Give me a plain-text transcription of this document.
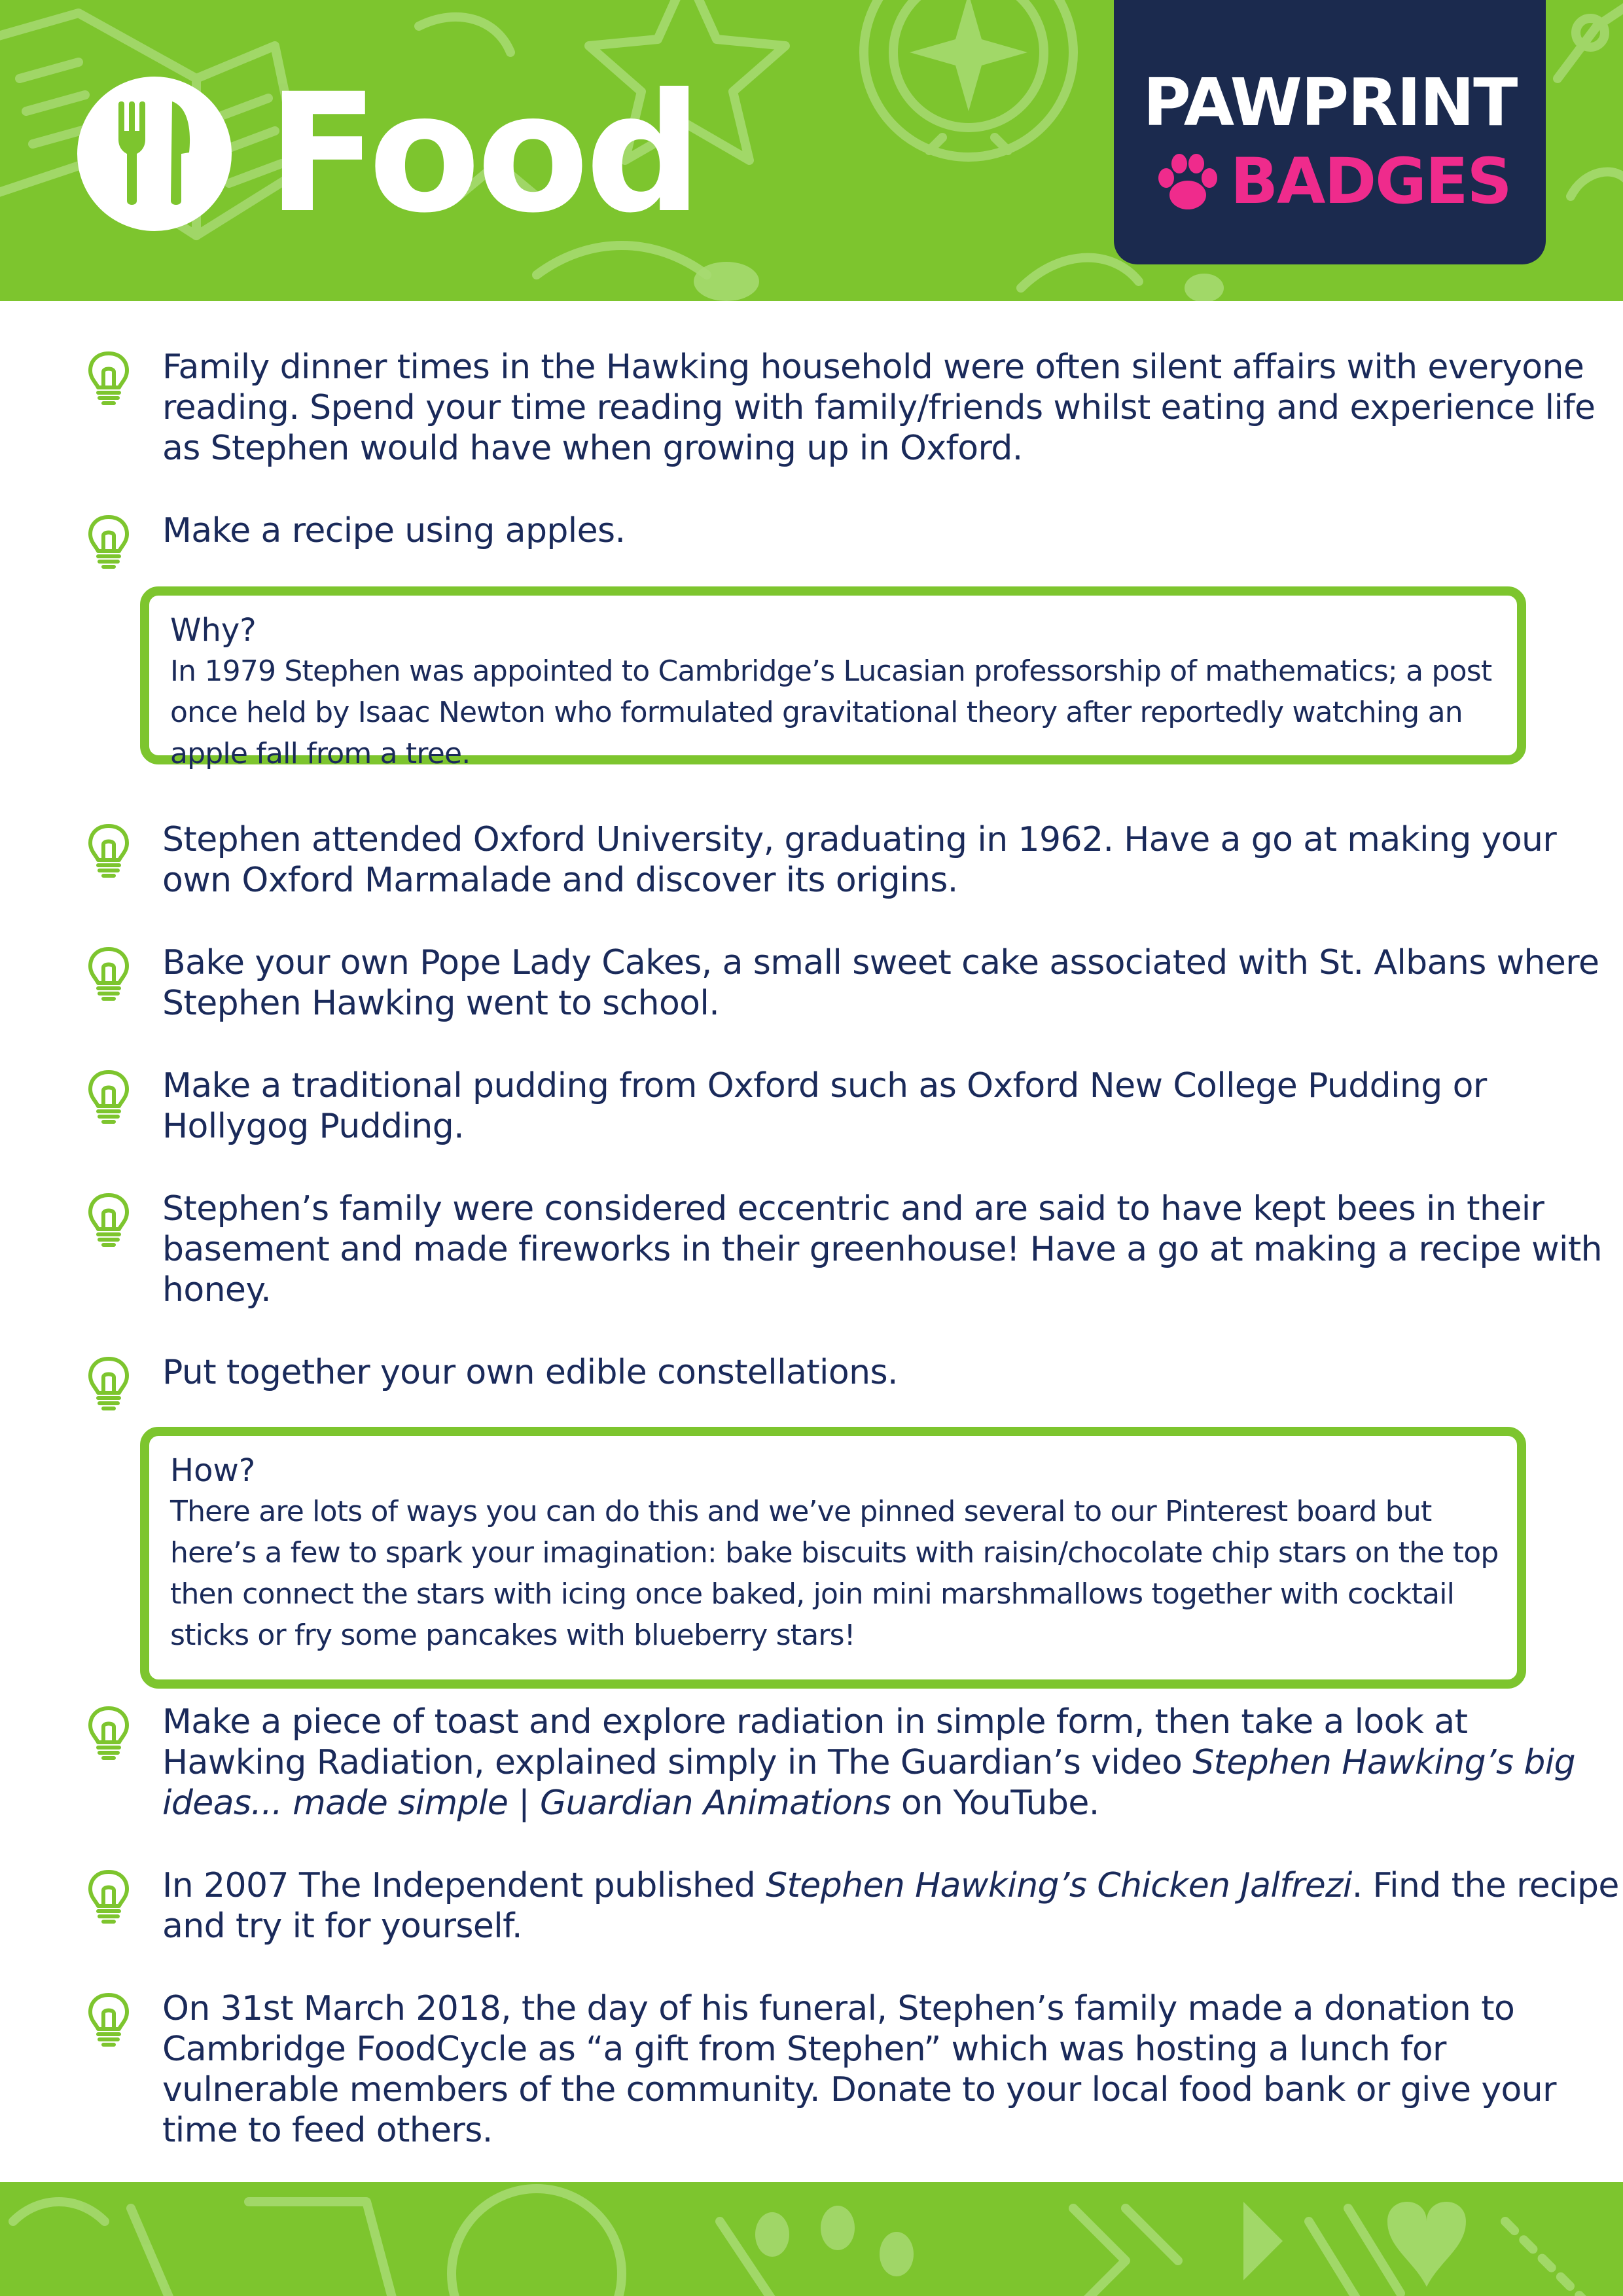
Food	PAWPRINT
BADGES
Family dinner times in the Hawking household were often silent affairs with everyone reading. Spend your time reading with family/friends whilst eating and experience life as Stephen would have when growing up in Oxford.
Make a recipe using apples.
Why?
In 1979 Stephen was appointed to Cambridge’s Lucasian professorship of mathematics; a post once held by Isaac Newton who formulated gravitational theory after reportedly watching an apple fall from a tree.
Stephen attended Oxford University, graduating in 1962. Have a go at making your own Oxford Marmalade and discover its origins.
Bake your own Pope Lady Cakes, a small sweet cake associated with St. Albans where Stephen Hawking went to school.
Make a traditional pudding from Oxford such as Oxford New College Pudding or Hollygog Pudding.
Stephen’s family were considered eccentric and are said to have kept bees in their basement and made fireworks in their greenhouse! Have a go at making a recipe with honey.
Put together your own edible constellations.
How?
There are lots of ways you can do this and we’ve pinned several to our Pinterest board but here’s a few to spark your imagination: bake biscuits with raisin/chocolate chip stars on the top then connect the stars with icing once baked, join mini marshmallows together with cocktail sticks or fry some pancakes with blueberry stars!
Make a piece of toast and explore radiation in simple form, then take a look at Hawking Radiation, explained simply in The Guardian’s video Stephen Hawking’s big ideas... made simple | Guardian Animations on YouTube.
In 2007 The Independent published Stephen Hawking’s Chicken Jalfrezi. Find the recipe and try it for yourself.
On 31st March 2018, the day of his funeral, Stephen’s family made a donation to Cambridge FoodCycle as “a gift from Stephen” which was hosting a lunch for vulnerable members of the community. Donate to your local food bank or give your time to feed others.
